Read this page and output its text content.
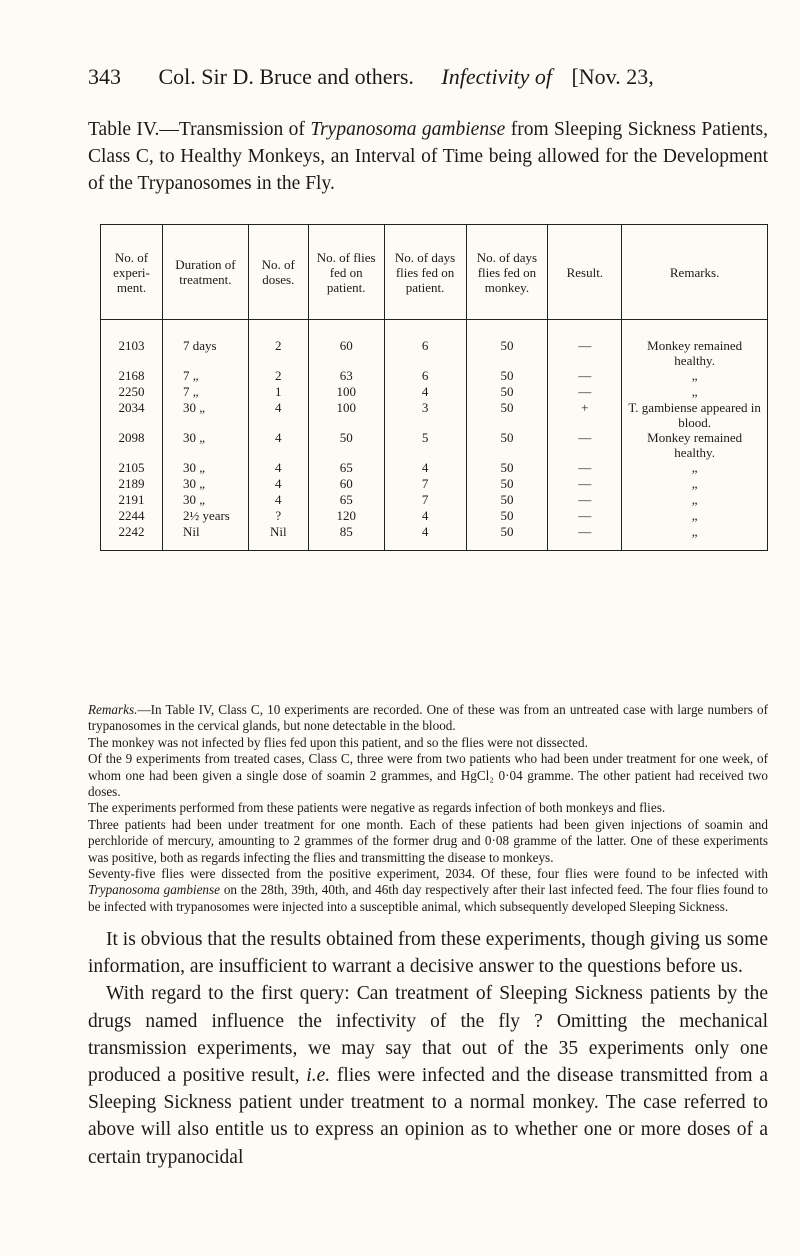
343 Col. Sir D. Bruce and others. Infectivity of [Nov. 23,
Table IV.—Transmission of Trypanosoma gambiense from Sleeping Sickness Patients, Class C, to Healthy Monkeys, an Interval of Time being allowed for the Development of the Trypanosomes in the Fly.
No. of experi-ment.	Duration of treatment.	No. of doses.	No. of flies fed on patient.	No. of days flies fed on patient.	No. of days flies fed on monkey.	Result.	Remarks.
2103	7 days	2	60	6	50	—	Monkey remained healthy.
2168	7 „	2	63	6	50	—	„
2250	7 „	1	100	4	50	—	„
2034	30 „	4	100	3	50	+	T. gambiense appeared in blood.
2098	30 „	4	50	5	50	—	Monkey remained healthy.
2105	30 „	4	65	4	50	—	„
2189	30 „	4	60	7	50	—	„
2191	30 „	4	65	7	50	—	„
2244	2½ years	?	120	4	50	—	„
2242	Nil	Nil	85	4	50	—	„

Remarks.—In Table IV, Class C, 10 experiments are recorded. One of these was from an untreated case with large numbers of trypanosomes in the cervical glands, but none detectable in the blood.

The monkey was not infected by flies fed upon this patient, and so the flies were not dissected.

Of the 9 experiments from treated cases, Class C, three were from two patients who had been under treatment for one week, of whom one had been given a single dose of soamin 2 grammes, and HgCl₂ 0·04 gramme. The other patient had received two doses.

The experiments performed from these patients were negative as regards infection of both monkeys and flies.

Three patients had been under treatment for one month. Each of these patients had been given injections of soamin and perchloride of mercury, amounting to 2 grammes of the former drug and 0·08 gramme of the latter. One of these experiments was positive, both as regards infecting the flies and transmitting the disease to monkeys.

Seventy-five flies were dissected from the positive experiment, 2034. Of these, four flies were found to be infected with Trypanosoma gambiense on the 28th, 39th, 40th, and 46th day respectively after their last infected feed. The four flies found to be infected with trypanosomes were injected into a susceptible animal, which subsequently developed Sleeping Sickness.

It is obvious that the results obtained from these experiments, though giving us some information, are insufficient to warrant a decisive answer to the questions before us.

With regard to the first query: Can treatment of Sleeping Sickness patients by the drugs named influence the infectivity of the fly ? Omitting the mechanical transmission experiments, we may say that out of the 35 experiments only one produced a positive result, i.e. flies were infected and the disease transmitted from a Sleeping Sickness patient under treatment to a normal monkey. The case referred to above will also entitle us to express an opinion as to whether one or more doses of a certain trypanocidal
